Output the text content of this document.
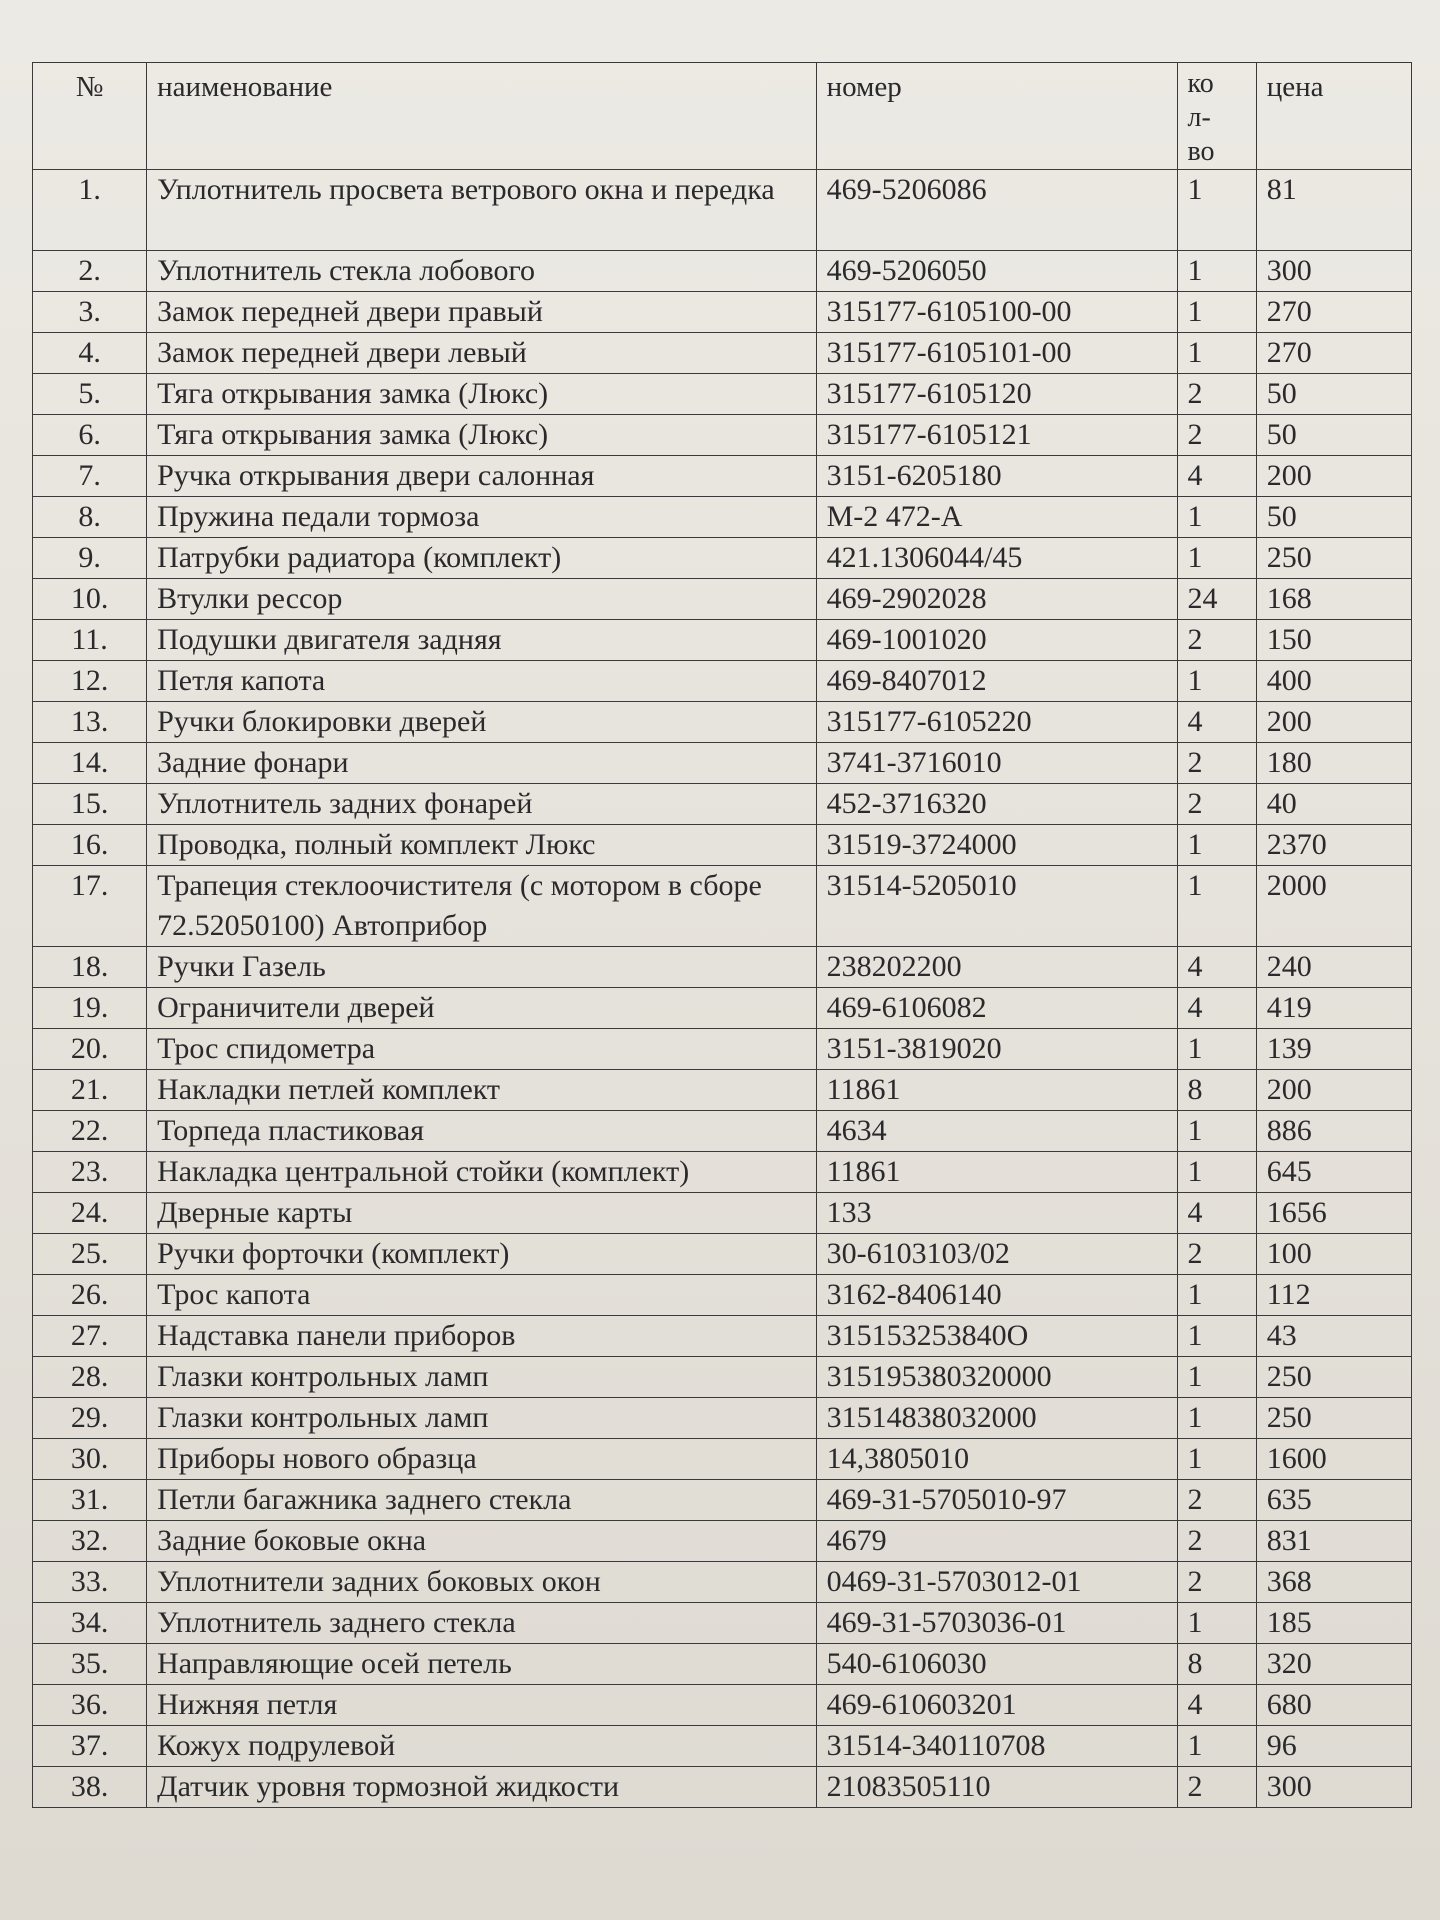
№	наименование	номер	ко
л-
во	цена
1.	Уплотнитель просвета ветрового окна и передка	469-5206086	1	81
2.	Уплотнитель стекла лобового	469-5206050	1	300
3.	Замок передней двери правый	315177-6105100-00	1	270
4.	Замок передней двери левый	315177-6105101-00	1	270
5.	Тяга открывания замка (Люкс)	315177-6105120	2	50
6.	Тяга открывания замка (Люкс)	315177-6105121	2	50
7.	Ручка открывания двери салонная	3151-6205180	4	200
8.	Пружина педали тормоза	М-2 472-А	1	50
9.	Патрубки радиатора (комплект)	421.1306044/45	1	250
10.	Втулки рессор	469-2902028	24	168
11.	Подушки двигателя задняя	469-1001020	2	150
12.	Петля капота	469-8407012	1	400
13.	Ручки блокировки дверей	315177-6105220	4	200
14.	Задние фонари	3741-3716010	2	180
15.	Уплотнитель задних фонарей	452-3716320	2	40
16.	Проводка, полный комплект Люкс	31519-3724000	1	2370
17.	Трапеция стеклоочистителя (с мотором в сборе 72.52050100) Автоприбор	31514-5205010	1	2000
18.	Ручки Газель	238202200	4	240
19.	Ограничители дверей	469-6106082	4	419
20.	Трос спидометра	3151-3819020	1	139
21.	Накладки петлей комплект	11861	8	200
22.	Торпеда пластиковая	4634	1	886
23.	Накладка центральной стойки (комплект)	11861	1	645
24.	Дверные карты	133	4	1656
25.	Ручки форточки (комплект)	30-6103103/02	2	100
26.	Трос капота	3162-8406140	1	112
27.	Надставка панели приборов	315153253840О	1	43
28.	Глазки контрольных ламп	315195380320000	1	250
29.	Глазки контрольных ламп	31514838032000	1	250
30.	Приборы нового образца	14,3805010	1	1600
31.	Петли багажника заднего стекла	469-31-5705010-97	2	635
32.	Задние боковые окна	4679	2	831
33.	Уплотнители задних боковых окон	0469-31-5703012-01	2	368
34.	Уплотнитель заднего стекла	469-31-5703036-01	1	185
35.	Направляющие осей петель	540-6106030	8	320
36.	Нижняя петля	469-610603201	4	680
37.	Кожух подрулевой	31514-340110708	1	96
38.	Датчик уровня тормозной жидкости	21083505110	2	300
